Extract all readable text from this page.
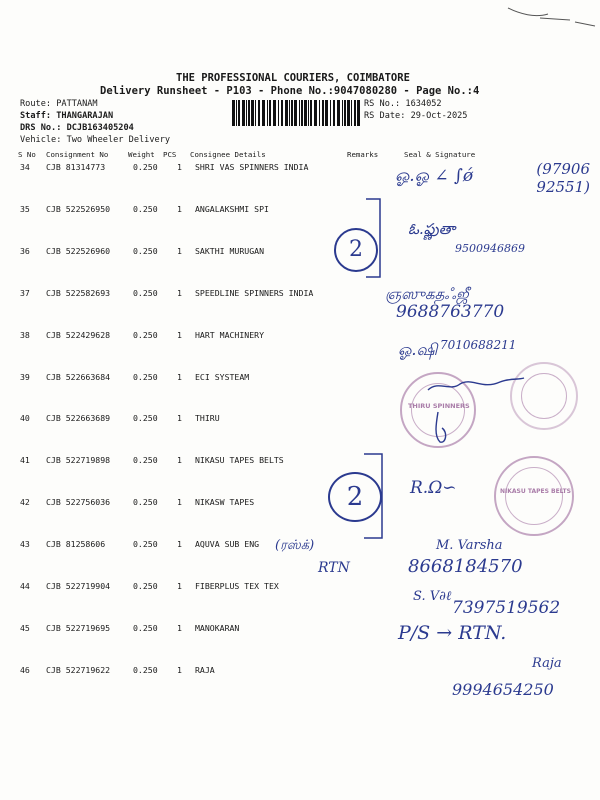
THE PROFESSIONAL COURIERS, COIMBATORE
Delivery Runsheet - P103 - Phone No.:9047080280 - Page No.:4
Route: PATTANAM
Staff: THANGARAJAN
DRS No.: DCJB163405204
Vehicle: Two Wheeler Delivery
RS No.: 1634052
RS Date: 29-Oct-2025
S No Consignment No	Weight PCS Consignee Details	Remarks	Seal & Signature
34 CJB 81314773	0.250 1 SHRI VAS SPINNERS INDIA
35 CJB 522526950	0.250 1 ANGALAKSHMI SPI
36 CJB 522526960	0.250 1 SAKTHI MURUGAN
37 CJB 522582693	0.250 1 SPEEDLINE SPINNERS INDIA
38 CJB 522429628	0.250 1 HART MACHINERY
39 CJB 522663684	0.250 1 ECI SYSTEAM
40 CJB 522663689	0.250 1 THIRU
41 CJB 522719898	0.250 1 NIKASU TAPES BELTS
42 CJB 522756036	0.250 1 NIKASW TAPES
43 CJB 81258606	0.250 1 AQUVA SUB ENG
44 CJB 522719904	0.250 1 FIBERPLUS TEX TEX
45 CJB 522719695	0.250 1 MANOKARAN
46 CJB 522719622	0.250 1 RAJA
ஓ.ஓ ∠ ∫ǿ	(97906 92551)
2
ఓ.ఫ్ణుతా
9500946869
ஞஸுகதஃஜீ
9688763770
ஓ.ஷி 7010688211
THIRU SPINNERS
2	R.Ω∽	NIKASU TAPES BELTS
(ரஸ்க்)
RTN
M. Varsha
8668184570
S. V∂ℓ
7397519562
P/S → RTN.
Raja
9994654250
